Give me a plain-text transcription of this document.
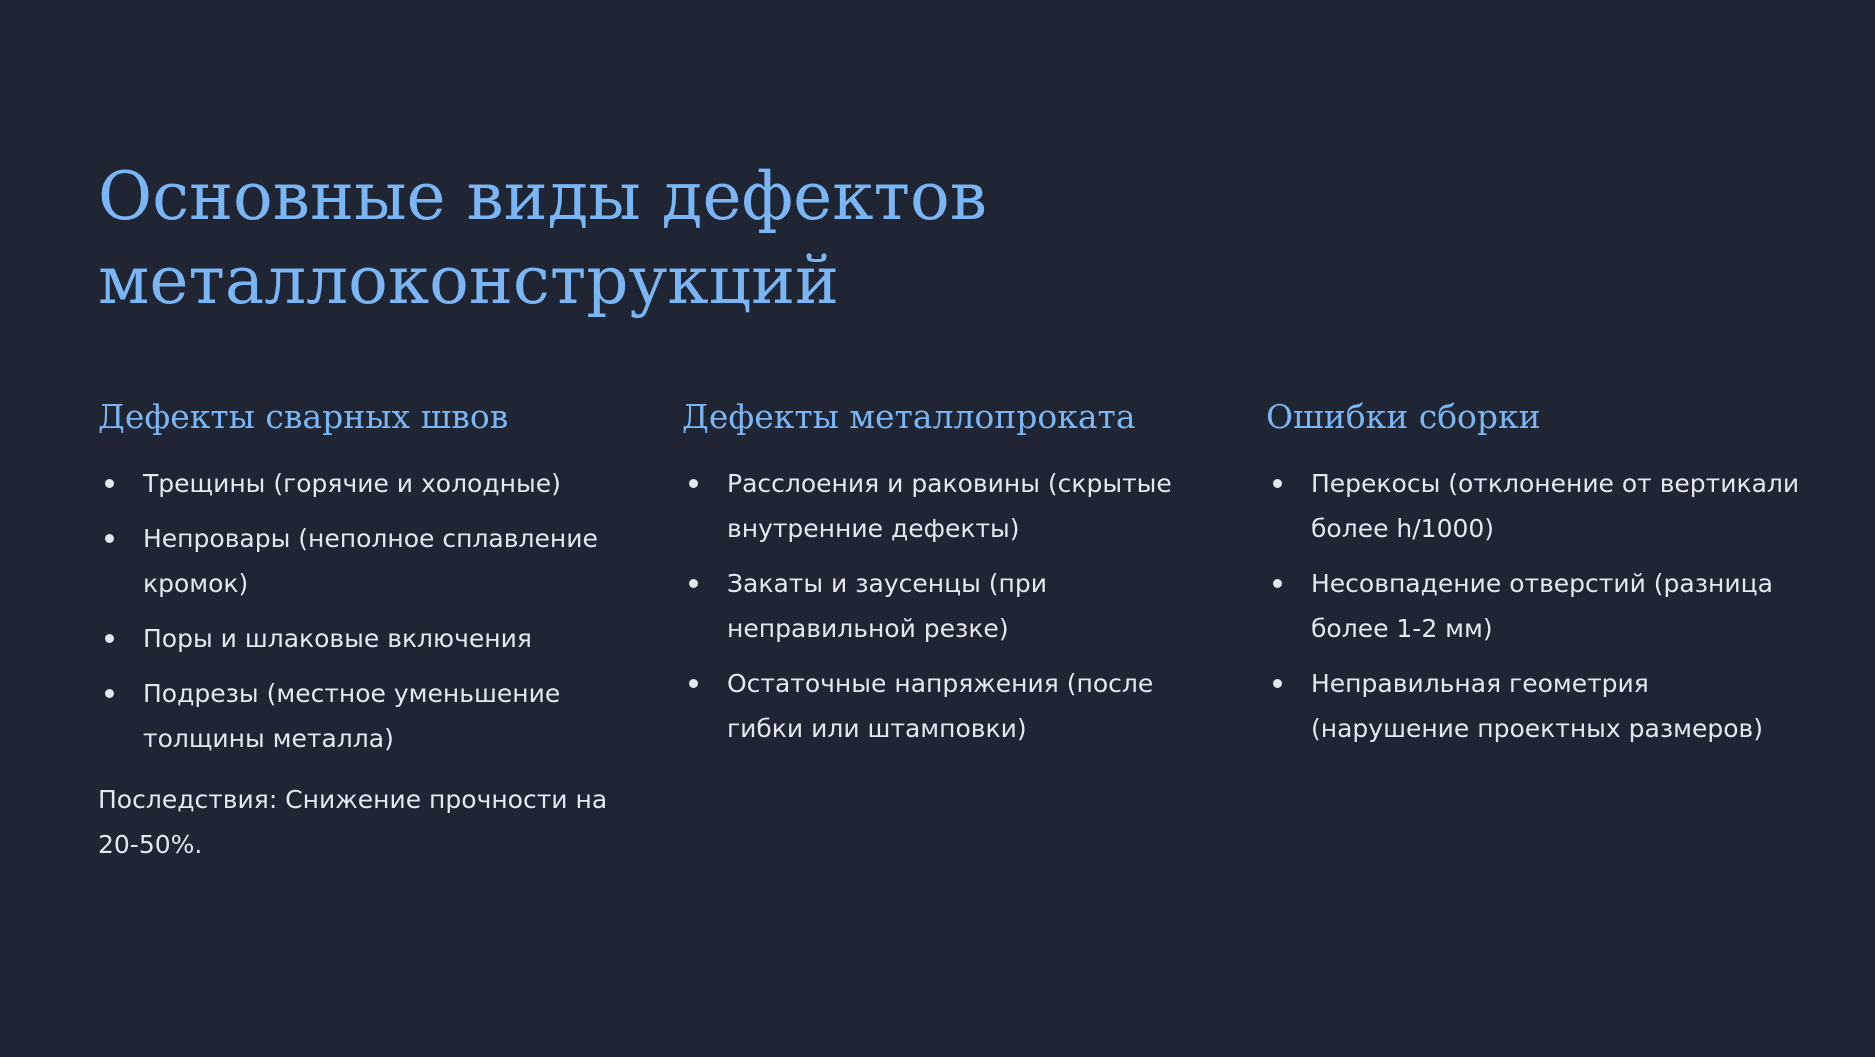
Основные виды дефектов металлоконструкций
Дефекты сварных швов
Трещины (горячие и холодные)
Непровары (неполное сплавление кромок)
Поры и шлаковые включения
Подрезы (местное уменьшение толщины металла)

Последствия: Снижение прочности на 20-50%.

Дефекты металлопроката
Расслоения и раковины (скрытые внутренние дефекты)
Закаты и заусенцы (при неправильной резке)
Остаточные напряжения (после гибки или штамповки)
Ошибки сборки
Перекосы (отклонение от вертикали более h/1000)
Несовпадение отверстий (разница более 1-2 мм)
Неправильная геометрия (нарушение проектных размеров)
